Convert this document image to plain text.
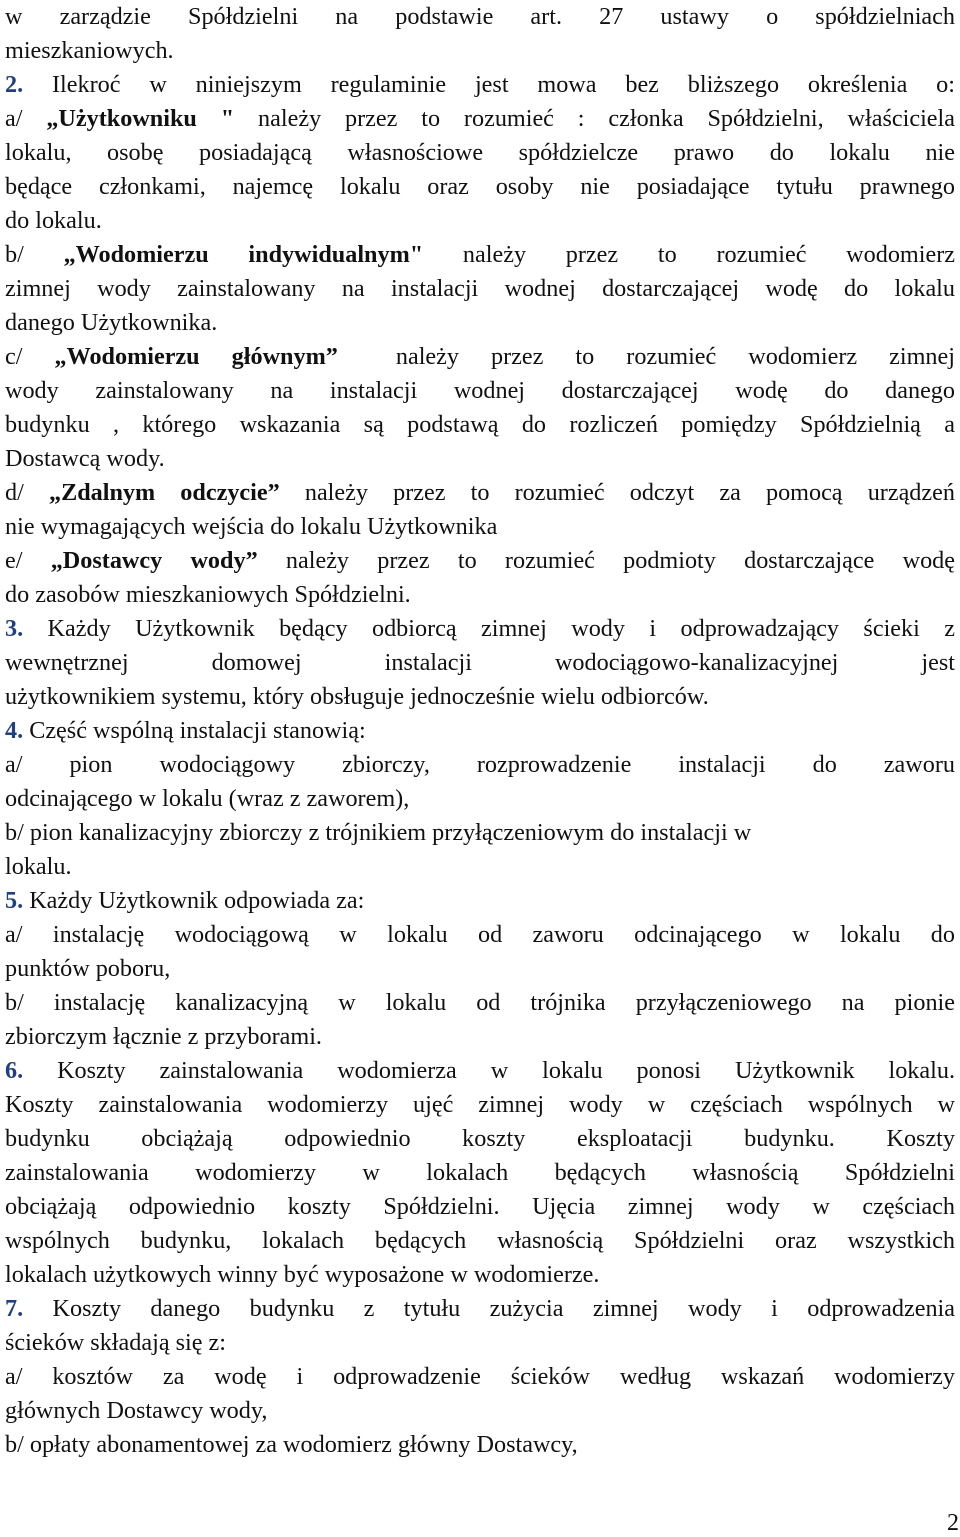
w zarządzie Spółdzielni na podstawie art. 27 ustawy o spółdzielniach
mieszkaniowych.
2. Ilekroć w niniejszym regulaminie jest mowa bez bliższego określenia o:
a/ „Użytkowniku " należy przez to rozumieć : członka Spółdzielni, właściciela
lokalu, osobę posiadającą własnościowe spółdzielcze prawo do lokalu nie
będące członkami, najemcę lokalu oraz osoby nie posiadające tytułu prawnego
do lokalu.
b/ „Wodomierzu indywidualnym" należy przez to rozumieć wodomierz
zimnej wody zainstalowany na instalacji wodnej dostarczającej wodę do lokalu
danego Użytkownika.
c/ „Wodomierzu głównym” należy przez to rozumieć wodomierz zimnej
wody zainstalowany na instalacji wodnej dostarczającej wodę do danego
budynku , którego wskazania są podstawą do rozliczeń pomiędzy Spółdzielnią a
Dostawcą wody.
d/ „Zdalnym odczycie” należy przez to rozumieć odczyt za pomocą urządzeń
nie wymagających wejścia do lokalu Użytkownika
e/ „Dostawcy wody” należy przez to rozumieć podmioty dostarczające wodę
do zasobów mieszkaniowych Spółdzielni.
3. Każdy Użytkownik będący odbiorcą zimnej wody i odprowadzający ścieki z
wewnętrznej domowej instalacji wodociągowo-kanalizacyjnej jest
użytkownikiem systemu, który obsługuje jednocześnie wielu odbiorców.
4. Część wspólną instalacji stanowią:
a/ pion wodociągowy zbiorczy, rozprowadzenie instalacji do zaworu
odcinającego w lokalu (wraz z zaworem),
b/ pion kanalizacyjny zbiorczy z trójnikiem przyłączeniowym do instalacji w
lokalu.
5. Każdy Użytkownik odpowiada za:
a/ instalację wodociągową w lokalu od zaworu odcinającego w lokalu do
punktów poboru,
b/ instalację kanalizacyjną w lokalu od trójnika przyłączeniowego na pionie
zbiorczym łącznie z przyborami.
6. Koszty zainstalowania wodomierza w lokalu ponosi Użytkownik lokalu.
Koszty zainstalowania wodomierzy ujęć zimnej wody w częściach wspólnych w
budynku obciążają odpowiednio koszty eksploatacji budynku. Koszty
zainstalowania wodomierzy w lokalach będących własnością Spółdzielni
obciążają odpowiednio koszty Spółdzielni. Ujęcia zimnej wody w częściach
wspólnych budynku, lokalach będących własnością Spółdzielni oraz wszystkich
lokalach użytkowych winny być wyposażone w wodomierze.
7. Koszty danego budynku z tytułu zużycia zimnej wody i odprowadzenia
ścieków składają się z:
a/ kosztów za wodę i odprowadzenie ścieków według wskazań wodomierzy
głównych Dostawcy wody,
b/ opłaty abonamentowej za wodomierz główny Dostawcy,
2
